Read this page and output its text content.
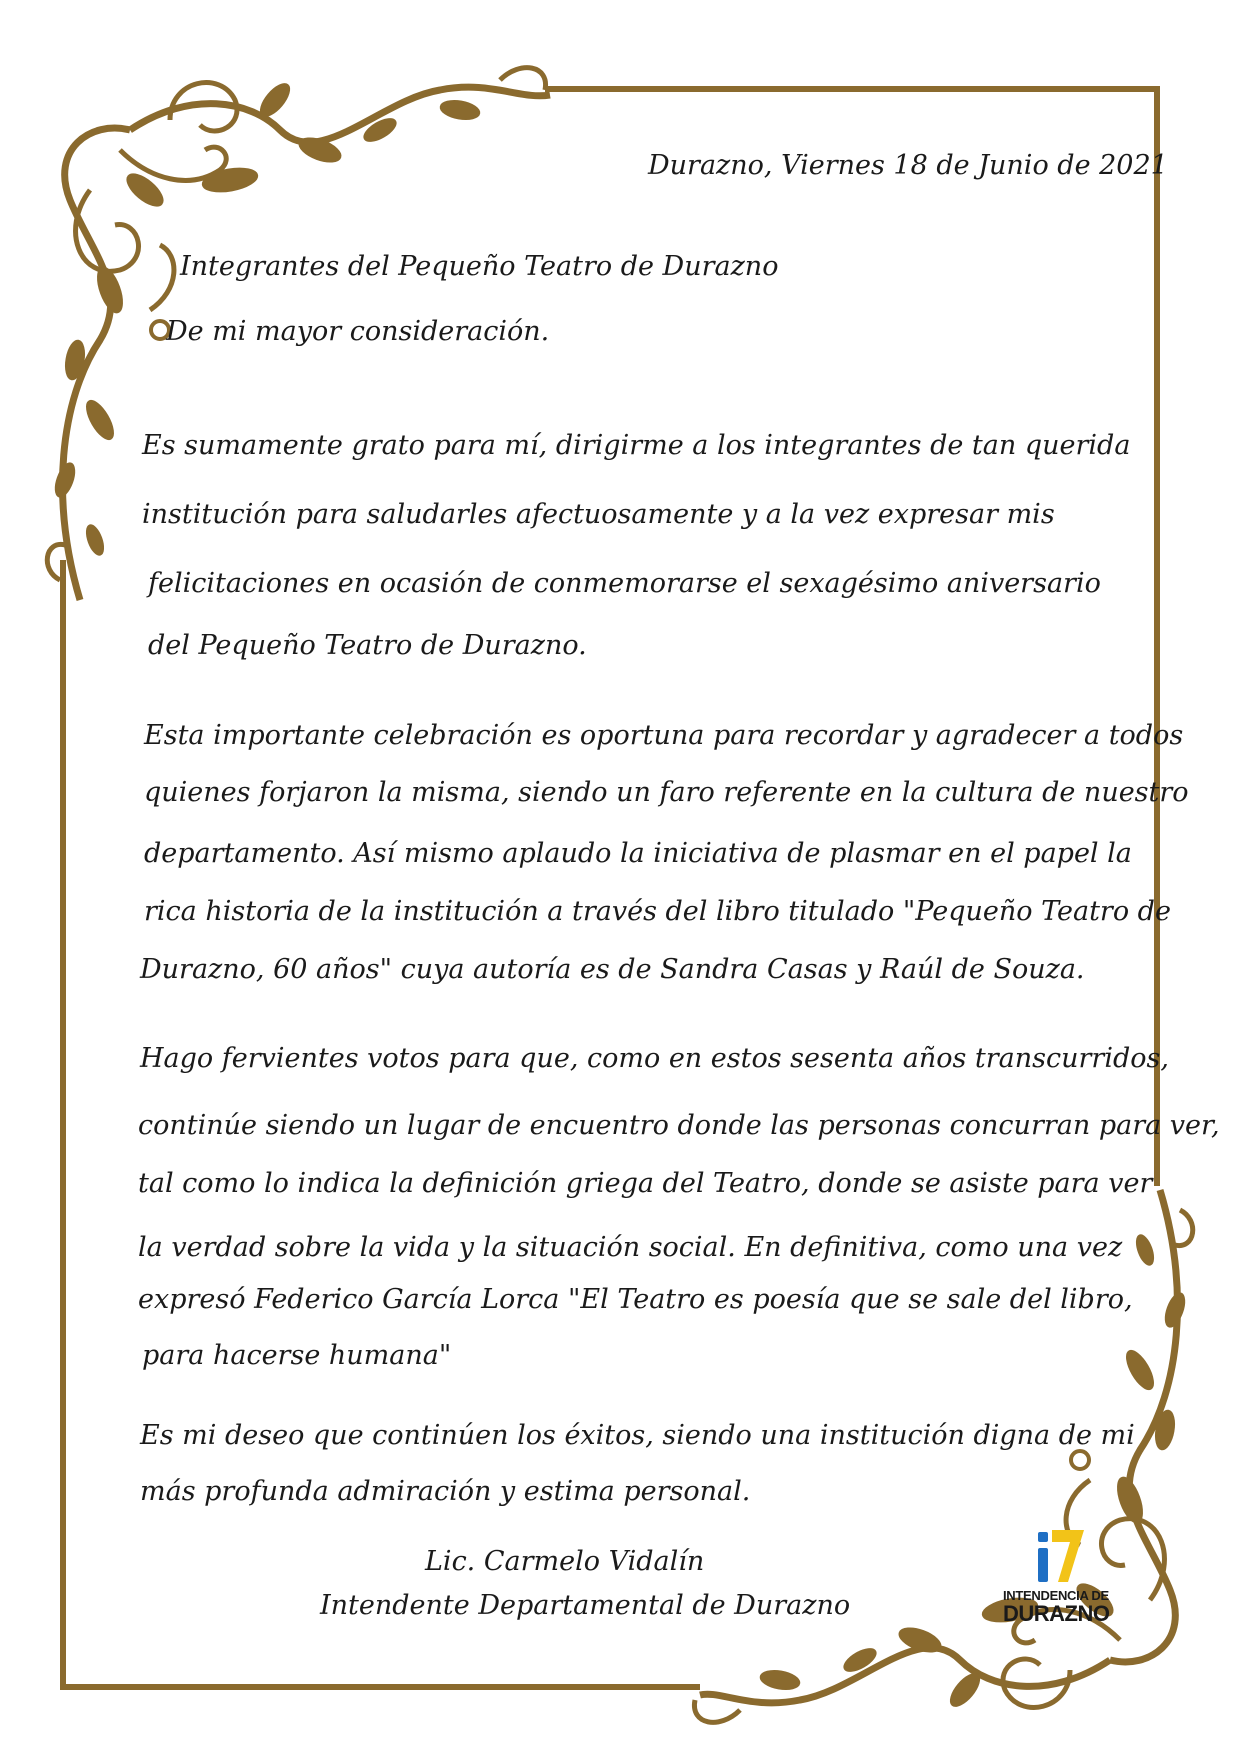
Durazno, Viernes 18 de Junio de 2021
Integrantes del Pequeño Teatro de Durazno
De mi mayor consideración.
Es sumamente grato para mí, dirigirme a los integrantes de tan querida
institución para saludarles afectuosamente y a la vez expresar mis
felicitaciones en ocasión de conmemorarse el sexagésimo aniversario
del Pequeño Teatro de Durazno.
Esta importante celebración es oportuna para recordar y agradecer a todos
quienes forjaron la misma, siendo un faro referente en la cultura de nuestro
departamento. Así mismo aplaudo la iniciativa de plasmar en el papel la
rica historia de la institución a través del libro titulado "Pequeño Teatro de
Durazno, 60 años" cuya autoría es de Sandra Casas y Raúl de Souza.
Hago fervientes votos para que, como en estos sesenta años transcurridos,
continúe siendo un lugar de encuentro donde las personas concurran para ver,
tal como lo indica la definición griega del Teatro, donde se asiste para ver
la verdad sobre la vida y la situación social. En definitiva, como una vez
expresó Federico García Lorca "El Teatro es poesía que se sale del libro,
para hacerse humana"
Es mi deseo que continúen los éxitos, siendo una institución digna de mi
más profunda admiración y estima personal.
Lic. Carmelo Vidalín
Intendente Departamental de Durazno	INTENDENCIA DE
DURAZNO
